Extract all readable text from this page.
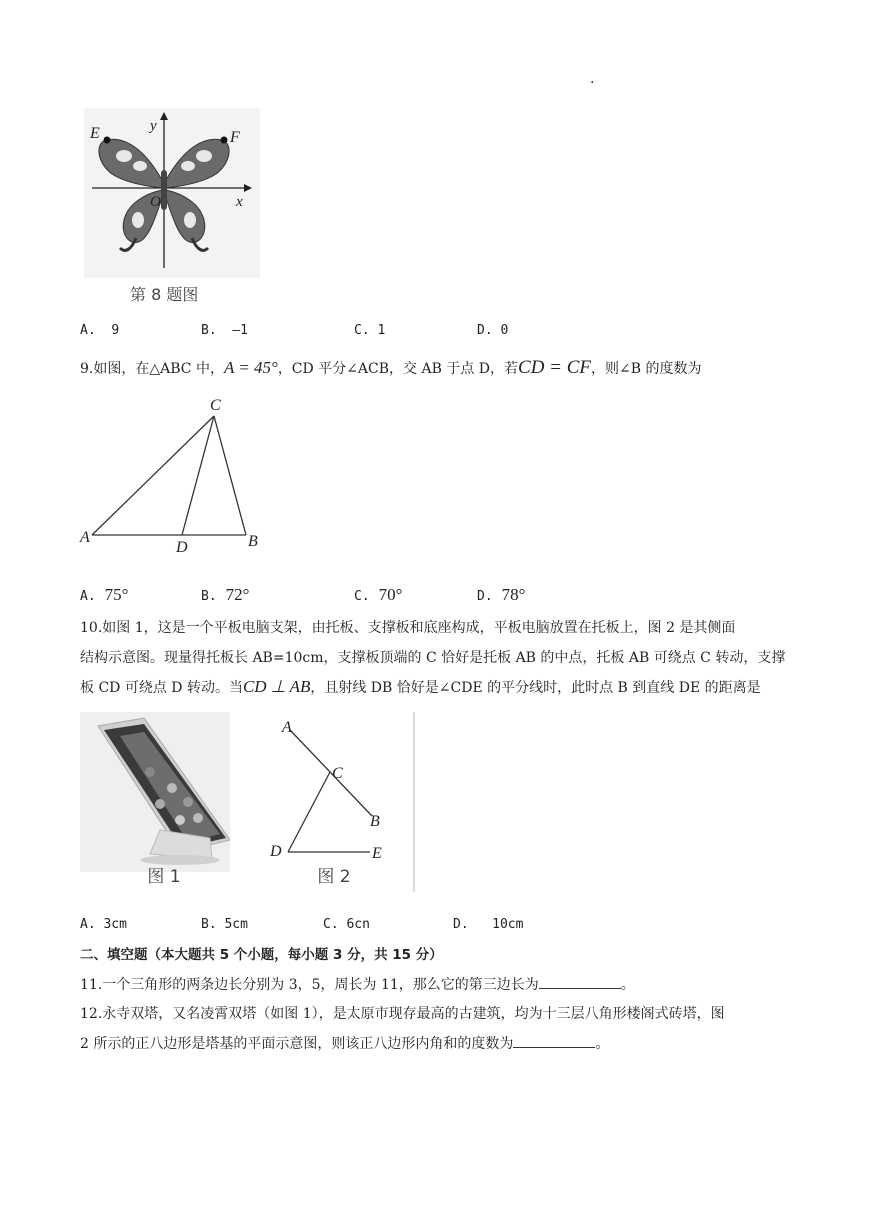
.
E	F
y
x
O
第 8 题图
A. 9	B. —1	C. 1	D. 0
9.如图，在△ABC 中，A = 45°，CD 平分∠ACB，交 AB 于点 D，若CD = CF，则∠B 的度数为
C
A
D	B
A. 75°	B. 72°	C. 70°	D. 78°
10.如图 1，这是一个平板电脑支架，由托板、支撑板和底座构成，平板电脑放置在托板上，图 2 是其侧面
结构示意图。现量得托板长 AB=10cm，支撑板顶端的 C 恰好是托板 AB 的中点，托板 AB 可绕点 C 转动，支撑
板 CD 可绕点 D 转动。当CD ⊥ AB，且射线 DB 恰好是∠CDE 的平分线时，此时点 B 到直线 DE 的距离是
图 1
A
C
B
D	E
图 2
A. 3cm	B. 5cm	C. 6cn	D. 10cm
二、填空题（本大题共 5 个小题，每小题 3 分，共 15 分）
11.一个三角形的两条边长分别为 3，5，周长为 11，那么它的第三边长为	。
12.永寺双塔，又名凌霄双塔（如图 1），是太原市现存最高的古建筑，均为十三层八角形楼阁式砖塔，图
2 所示的正八边形是塔基的平面示意图，则该正八边形内角和的度数为	。
